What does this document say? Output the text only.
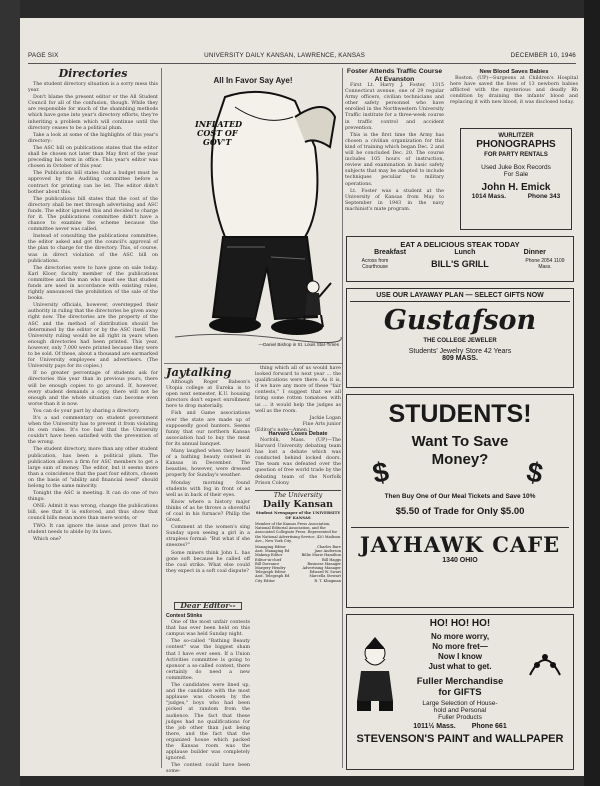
PAGE SIX	UNIVERSITY DAILY KANSAN, LAWRENCE, KANSAS	DECEMBER 10, 1946
Directories

The student directory situation is a sorry mess this year.

Don't blame the present editor or the All Student Council for all of the confusion, though. While they are responsible for much of the shambling methods which have gone into year's directory efforts, they're inheriting a problem which will continue until the directory ceases to be a political plum.

Take a look at some of the highlights of this year's directory:

The ASC bill on publications states that the editor shall be chosen not later than May first of the year preceding his term in office. This year's editor was chosen in October of this year.

The Publication bill states that a budget must be approved by the Auditing committee before a contract for printing can be let. The editor didn't bother about this.

The publications bill states that the cost of the directory shall be met through advertising and ASC funds. The editor ignored this and decided to charge for it. The publications committee didn't have a chance to examine the scheme because the committee never was called.

Instead of consulting the publications committee, the editor asked and got the council's approval of the plan to charge for the directory. This, of course, was in direct violation of the ASC bill on publications.

The directories were to have gone on sale today. Karl Kloor, faculty member of the publications committee and the man who must see that student funds are used in accordance with existing rules, rightly announced the prohibition of the sale of the books.

University officials, however, overstepped their authority in ruling that the directories be given away right now. The directories are the property of the ASC and the method of distribution should be determined by the editor or by the ASC itself. The University ruling would be all right in years when enough directories had been printed. This year, however, only 7,000 were printed because they were to be sold. Of these, about a thousand are earmarked for University employees and advertisers. (The University pays for its copies.)

If no greater percentage of students ask for directories this year than in previous years, there will be enough copies to go around. If, however, every student demands a copy, there will not be enough and the whole situation can become even worse than it is now.

You can do your part by sharing a directory.

It's a sad commentary on student government when the University has to prevent it from violating its own rules. It's too bad that the University couldn't have been satisfied with the prevention of the wrong.

The student directory, more than any other student publication, has been a political plum. The publication allows a firm for ASC members to get a large sum of money. The editor, but it seems more than a coincidence that the past four editors, chosen on the basis of "ability and financial need" should belong to the same minority.

Tonight the ASC is meeting. It can do one of two things:

ONE: Admit it was wrong, change the publications bill, see that it is enforced, and thus show that council bills mean more than mere words; or

TWO: It can ignore the issue and prove that no student needs to abide by its laws.

Which one?

All In Favor Say Aye!
INFLATED COST OF GOV'T
—Daniel Bishop in St. Louis Star-Times
Jaytalking

Although Roger Babson's Utopia college at Eureka is to open next semester, K.U. housing directors don't expect enrollment here to drop materially.

Fish and Game associations over the state are made up of supposedly good hunters. Seems funny that our northern Kansas association had to buy the meat for its annual banquet.

Many laughed when they heard of a bathing beauty contest in Kansas in December. The beauties, however, were dressed properly for Sunday's weather.

Monday morning found students with fog in front of as well as in back of their eyes.

Know where a history major thinks of as he throws a shovelful of coal in his furnace? Philip the Great.

Comment at the women's sing Sunday upon seeing a girl in a strapless formal: "But what if she sneezes?"

Some miners think John L. has gone soft because he called off the coal strike. What else could they expect in a soft coal dispute?

thing which all of us would have looked forward to next year ... the qualifications were there. As it is, if we have any more of these "fair contests," I suggest that we all bring some rotten tomatoes with us ... it would help the judges as well as the room.

Jackie Logan
Fine Arts junior
(Editor's note—Amen.)
Harvard Loses Debate

Norfolk, Mass. (UP)—The Harvard University debating team has lost a debate which was conducted behind locked doors. The team was defeated over the question of free world trade by the debating team of the Norfolk Prison Colony.

The University
Daily Kansan
Student Newspaper of the UNIVERSITY OF KANSAS
Member of the Kansas Press Association, National Editorial Association, and the Associated Collegiate Press. Represented for the National Advertising Service, 420 Madison Ave., New York City.
Managing Editor	Charles Bare
Asst. Managing Ed	Jane Anderson
Makeup Editor	Billie Marie Hamilton
Editor-in-chief	Bill Haggs
Bill Dorrance	Business Manager
Margery Hendry	Advertising Manager
Telegraph Editor	Edward W. Swart
Asst. Telegraph Ed	Marcella Stewart
City Editor	R. T. Klingman
Dear Editor--
Contest Stinks

One of the most unfair contests that has ever been held on this campus was held Sunday night.

The so-called "Bathing Beauty contest" was the biggest sham that I have ever seen. If a Union Activities committee is going to sponsor a so-called contest, there certainly do need a new committee.

The candidates were lined up, and the candidate with the most applause was chosen by the "judges," boys who had been picked at random from the audience. The fact that these judges had no qualifications for the job other than just being there, and the fact that the organized house which packed the Kansas room was the applause builder was completely ignored.

The contest could have been some-

Foster Attends Traffic Course At Evanston

First Lt. Harry J. Foster, 1315 Connecticut avenue, one of 29 regular Army officers, civilian technicians and other safety personnel who have enrolled in the Northwestern University Traffic institute for a three-week course in traffic control and accident prevention.

This is the first time the Army has chosen a civilian organization for this kind of training which began Dec. 2 and will be concluded Dec. 20. The course includes 105 hours of instruction, review and examination in basic safety subjects that may be adapted to include techniques peculiar to military operations.

Lt. Foster was a student at the University of Kansas from May to September in 1943 in the navy machinist's mate program.

New Blood Saves Babies

Boston. (UP)—Surgeons at Children's Hospital here have saved the lives of 13 newborn babies afflicted with the mysterious and deadly Rh condition by draining the infants' blood and replacing it with new blood, it was disclosed today.

WURLITZER
PHONOGRAPHS
FOR PARTY RENTALS
Used Juke Box Records
For Sale
John H. Emick
1014 Mass.	Phone 343
EAT A DELICIOUS STEAK TODAY
Breakfast	Lunch	Dinner
Across from Courthouse	BILL'S GRILL	Phone 2054 1109 Mass.
USE OUR LAYAWAY PLAN — SELECT GIFTS NOW
Gustafson
THE COLLEGE JEWELER
Students' Jewelry Store 42 Years
809 MASS.
STUDENTS!
Want To Save
Money?
$	$
Then Buy One of Our Meal Tickets and Save 10%
$5.50 of Trade for Only $5.00
JAYHAWK CAFE
1340 OHIO
HO! HO! HO!
No more worry,
No more fret—
Now I know
Just what to get.
Fuller Merchandise
for GIFTS
Large Selection of House-
hold and Personal
Fuller Products
1011½ Mass. Phone 661
STEVENSON'S PAINT and WALLPAPER
